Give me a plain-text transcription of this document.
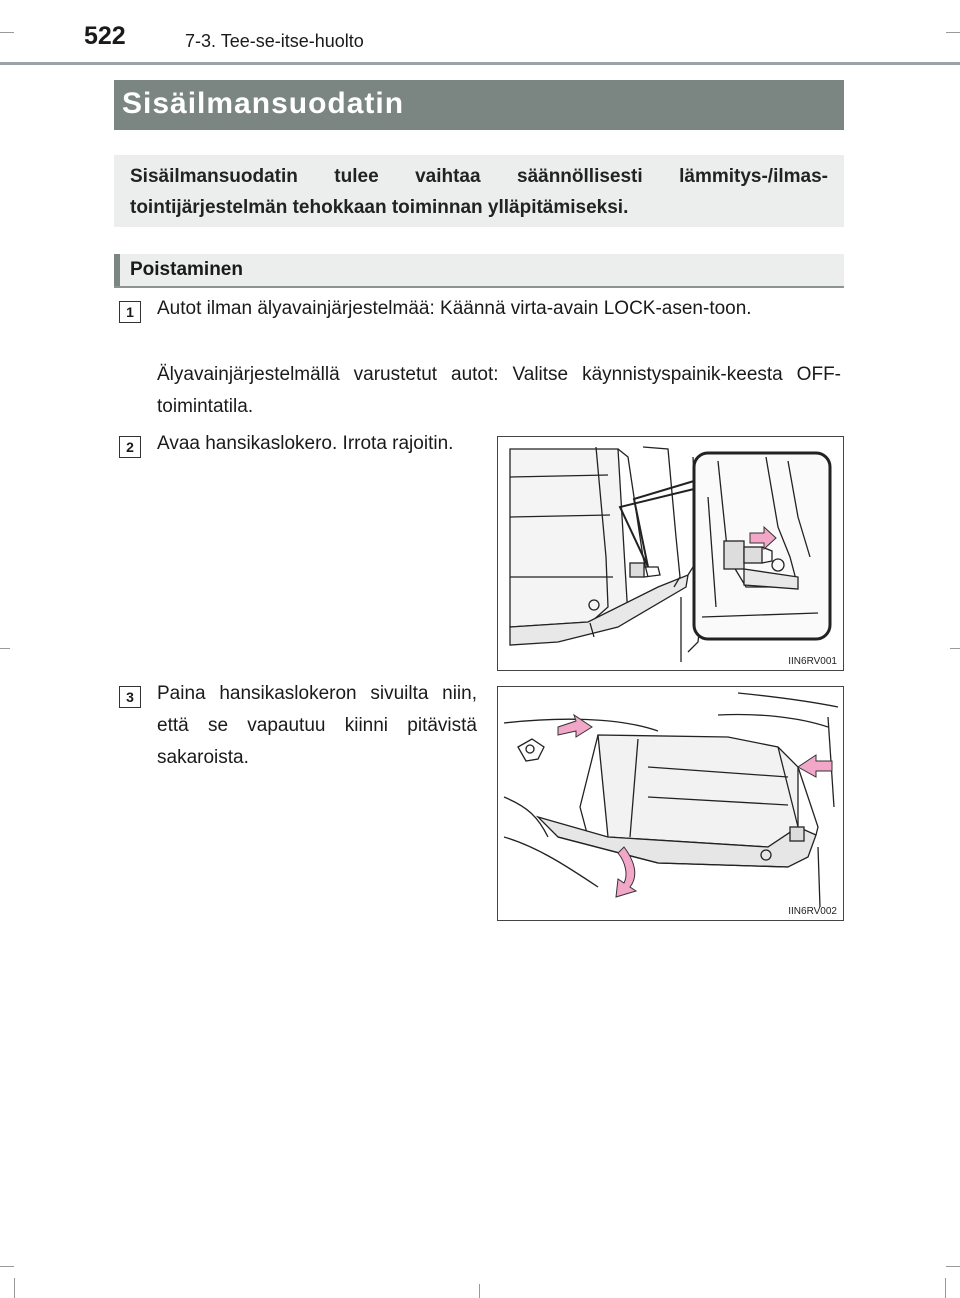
522	7-3. Tee-se-itse-huolto
Sisäilmansuodatin
Sisäilmansuodatin tulee vaihtaa säännöllisesti lämmitys-/ilmas-tointijärjestelmän tehokkaan toiminnan ylläpitämiseksi.
Poistaminen
1	Autot ilman älyavainjärjestelmää: Käännä virta-avain LOCK-asen-toon.
Älyavainjärjestelmällä varustetut autot: Valitse käynnistyspainik-keesta OFF-toimintatila.
2	Avaa hansikaslokero. Irrota rajoitin.
IIN6RV001
3	Paina hansikaslokeron sivuilta niin, että se vapautuu kiinni pitävistä sakaroista.
IIN6RV002
